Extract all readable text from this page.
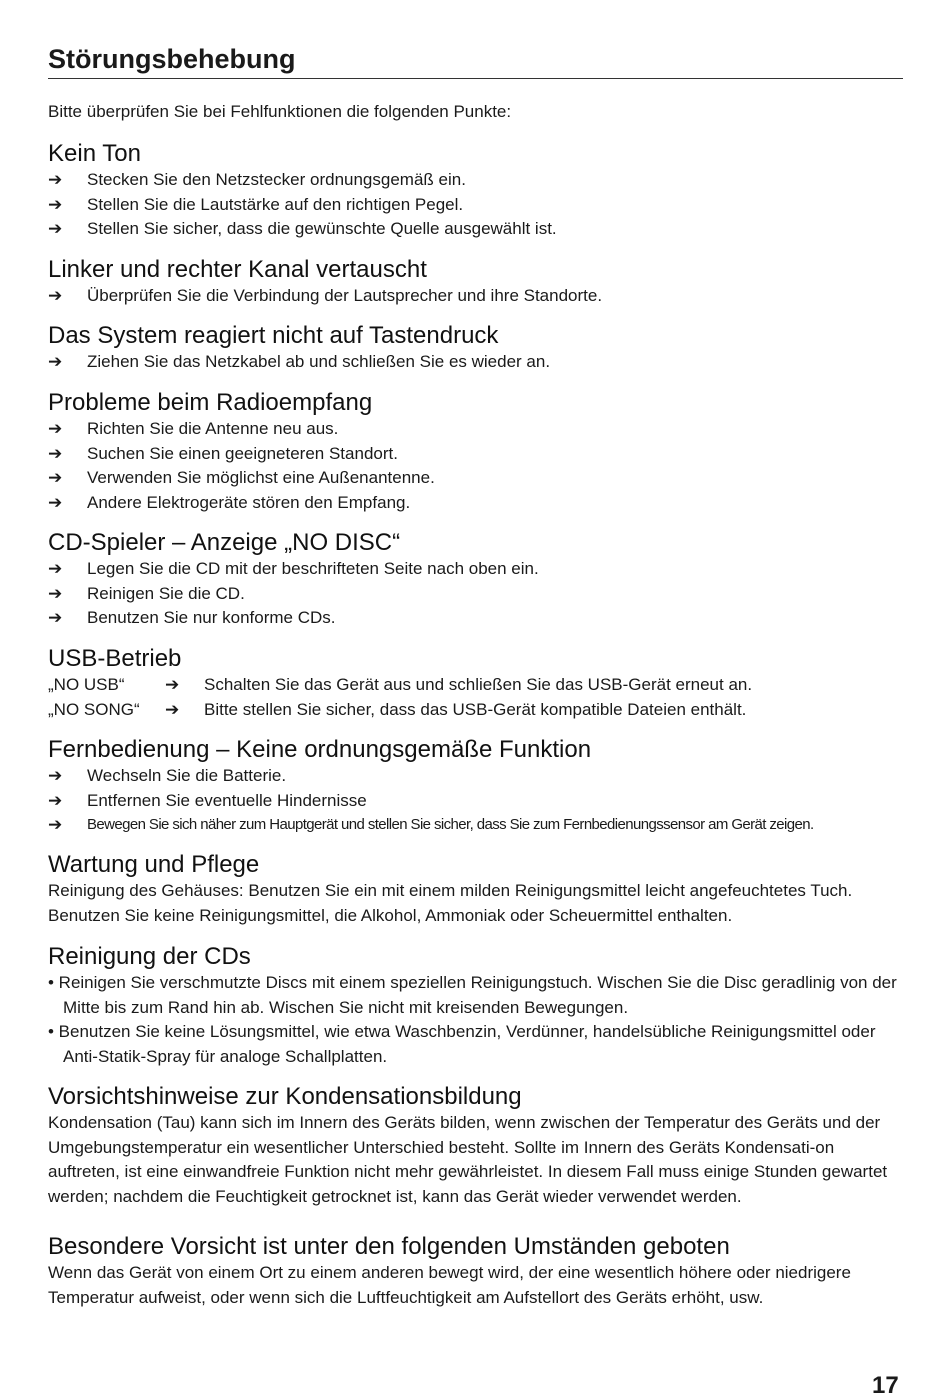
Störungsbehebung
Bitte überprüfen Sie bei Fehlfunktionen die folgenden Punkte:
Kein Ton
➔	Stecken Sie den Netzstecker ordnungsgemäß ein.
➔	Stellen Sie die Lautstärke auf den richtigen Pegel.
➔	Stellen Sie sicher, dass die gewünschte Quelle ausgewählt ist.
Linker und rechter Kanal vertauscht
➔	Überprüfen Sie die Verbindung der Lautsprecher und ihre Standorte.
Das System reagiert nicht auf Tastendruck
➔	Ziehen Sie das Netzkabel ab und schließen Sie es wieder an.
Probleme beim Radioempfang
➔	Richten Sie die Antenne neu aus.
➔	Suchen Sie einen geeigneteren Standort.
➔	Verwenden Sie möglichst eine Außenantenne.
➔	Andere Elektrogeräte stören den Empfang.
CD-Spieler – Anzeige „NO DISC“
➔	Legen Sie die CD mit der beschrifteten Seite nach oben ein.
➔	Reinigen Sie die CD.
➔	Benutzen Sie nur konforme CDs.
USB-Betrieb
„NO USB“	➔	Schalten Sie das Gerät aus und schließen Sie das USB-Gerät erneut an.
„NO SONG“	➔	Bitte stellen Sie sicher, dass das USB-Gerät kompatible Dateien enthält.
Fernbedienung – Keine ordnungsgemäße Funktion
➔	Wechseln Sie die Batterie.
➔	Entfernen Sie eventuelle Hindernisse
➔	Bewegen Sie sich näher zum Hauptgerät und stellen Sie sicher, dass Sie zum Fernbedienungssensor am Gerät zeigen.
Wartung und Pflege
Reinigung des Gehäuses: Benutzen Sie ein mit einem milden Reinigungsmittel leicht angefeuchtetes Tuch. Benutzen Sie keine Reinigungsmittel, die Alkohol, Ammoniak oder Scheuermittel enthalten.
Reinigung der CDs
• Reinigen Sie verschmutzte Discs mit einem speziellen Reinigungstuch. Wischen Sie die Disc geradlinig von der Mitte bis zum Rand hin ab. Wischen Sie nicht mit kreisenden Bewegungen.
• Benutzen Sie keine Lösungsmittel, wie etwa Waschbenzin, Verdünner, handelsübliche Reinigungsmittel oder Anti-Statik-Spray für analoge Schallplatten.
Vorsichtshinweise zur Kondensationsbildung
Kondensation (Tau) kann sich im Innern des Geräts bilden, wenn zwischen der Temperatur des Geräts und der Umgebungstemperatur ein wesentlicher Unterschied besteht. Sollte im Innern des Geräts Kondensati-on auftreten, ist eine einwandfreie Funktion nicht mehr gewährleistet. In diesem Fall muss einige Stunden gewartet werden; nachdem die Feuchtigkeit getrocknet ist, kann das Gerät wieder verwendet werden.
Besondere Vorsicht ist unter den folgenden Umständen geboten
Wenn das Gerät von einem Ort zu einem anderen bewegt wird, der eine wesentlich höhere oder niedrigere Temperatur aufweist, oder wenn sich die Luftfeuchtigkeit am Aufstellort des Geräts erhöht, usw.
17
